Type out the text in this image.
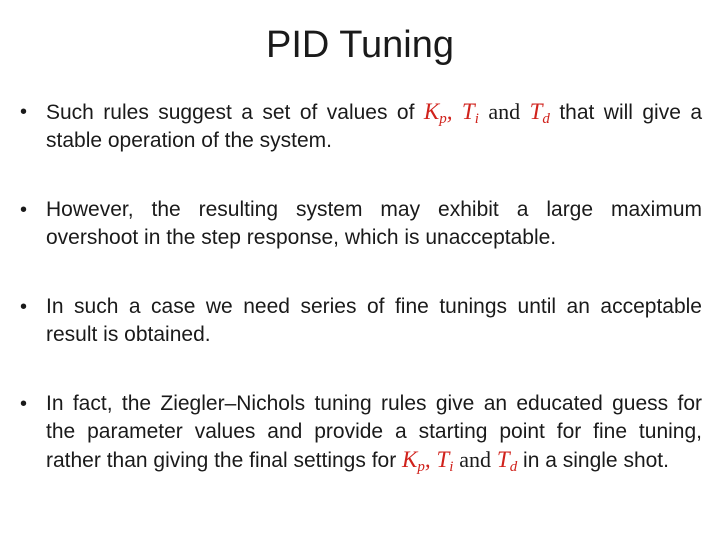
PID Tuning
• Such rules suggest a set of values of $K_p$, $T_i$ and $T_d$ that will give a stable operation of the system.
• However, the resulting system may exhibit a large maximum overshoot in the step response, which is unacceptable.
• In such a case we need series of fine tunings until an acceptable result is obtained.
• In fact, the Ziegler–Nichols tuning rules give an educated guess for the parameter values and provide a starting point for fine tuning, rather than giving the final settings for $K_p$, $T_i$ and $T_d$ in a single shot.
